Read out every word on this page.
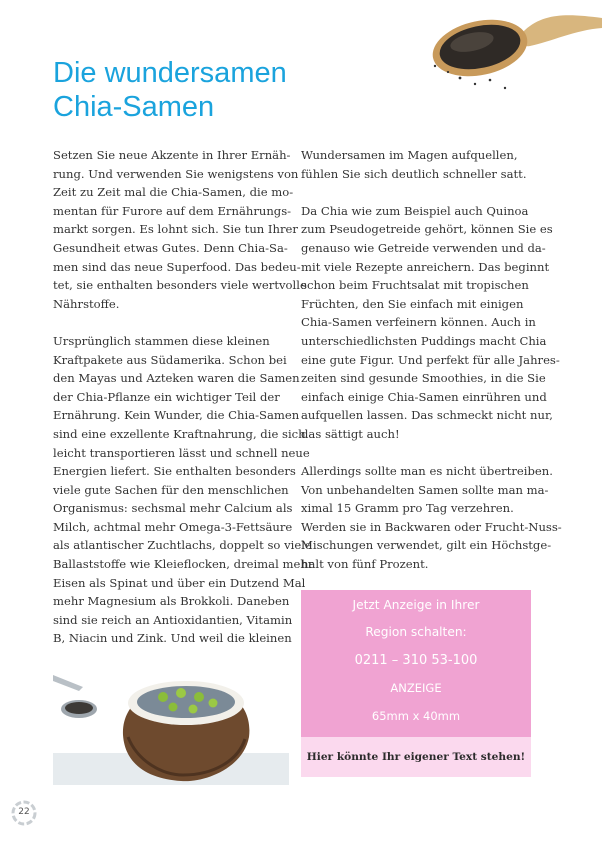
Die wundersamen
Chia-Samen
Setzen Sie neue Akzente in Ihrer Ernäh-
rung. Und verwenden Sie wenigstens von
Zeit zu Zeit mal die Chia-Samen, die mo-
mentan für Furore auf dem Ernährungs-
markt sorgen. Es lohnt sich. Sie tun Ihrer
Gesundheit etwas Gutes. Denn Chia-Sa-
men sind das neue Superfood. Das bedeu-
tet, sie enthalten besonders viele wertvolle
Nährstoffe.
Ursprünglich stammen diese kleinen
Kraftpakete aus Südamerika. Schon bei
den Mayas und Azteken waren die Samen
der Chia-Pflanze ein wichtiger Teil der
Ernährung. Kein Wunder, die Chia-Samen
sind eine exzellente Kraftnahrung, die sich
leicht transportieren lässt und schnell neue
Energien liefert. Sie enthalten besonders
viele gute Sachen für den menschlichen
Organismus: sechsmal mehr Calcium als
Milch, achtmal mehr Omega-3-Fettsäure
als atlantischer Zuchtlachs, doppelt so viele
Ballaststoffe wie Kleieflocken, dreimal mehr
Eisen als Spinat und über ein Dutzend Mal
mehr Magnesium als Brokkoli. Daneben
sind sie reich an Antioxidantien, Vitamin
B, Niacin und Zink. Und weil die kleinen
Wundersamen im Magen aufquellen,
fühlen Sie sich deutlich schneller satt.
Da Chia wie zum Beispiel auch Quinoa
zum Pseudogetreide gehört, können Sie es
genauso wie Getreide verwenden und da-
mit viele Rezepte anreichern. Das beginnt
schon beim Fruchtsalat mit tropischen
Früchten, den Sie einfach mit einigen
Chia-Samen verfeinern können. Auch in
unterschiedlichsten Puddings macht Chia
eine gute Figur. Und perfekt für alle Jahres-
zeiten sind gesunde Smoothies, in die Sie
einfach einige Chia-Samen einrühren und
aufquellen lassen. Das schmeckt nicht nur,
das sättigt auch!
Allerdings sollte man es nicht übertreiben.
Von unbehandelten Samen sollte man ma-
ximal 15 Gramm pro Tag verzehren.
Werden sie in Backwaren oder Frucht-Nuss-
Mischungen verwendet, gilt ein Höchstge-
halt von fünf Prozent.
Jetzt Anzeige in Ihrer
Region schalten:
0211 – 310 53-100
ANZEIGE
65mm x 40mm
Hier könnte Ihr eigener Text stehen!
22
